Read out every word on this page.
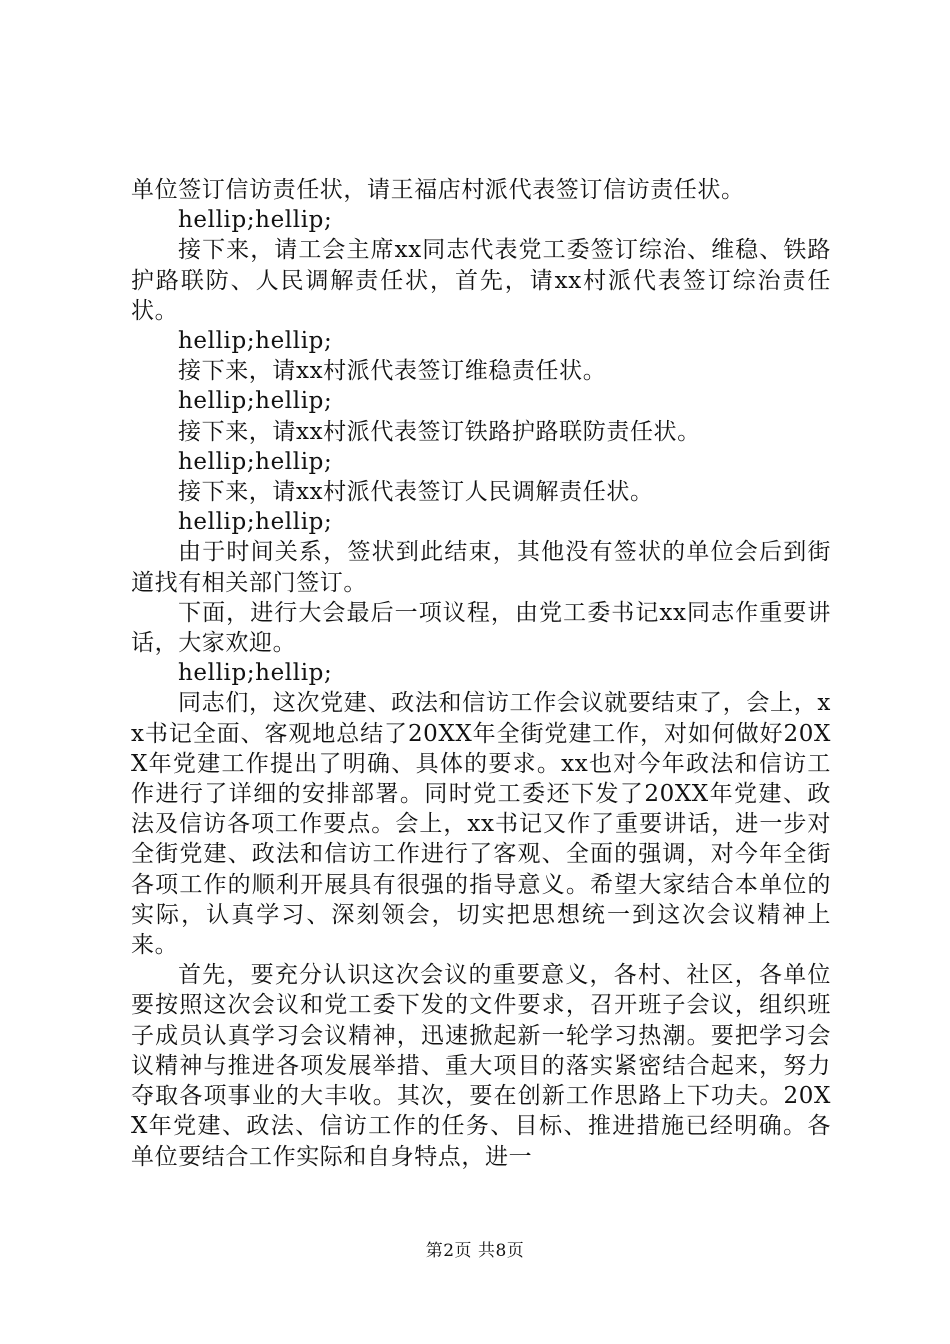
单位签订信访责任状，请王福店村派代表签订信访责任状。

hellip;hellip;

接下来，请工会主席xx同志代表党工委签订综治、维稳、铁路护路联防、人民调解责任状，首先，请xx村派代表签订综治责任状。

hellip;hellip;

接下来，请xx村派代表签订维稳责任状。

hellip;hellip;

接下来，请xx村派代表签订铁路护路联防责任状。

hellip;hellip;

接下来，请xx村派代表签订人民调解责任状。

hellip;hellip;

由于时间关系，签状到此结束，其他没有签状的单位会后到街道找有相关部门签订。

下面，进行大会最后一项议程，由党工委书记xx同志作重要讲话，大家欢迎。

hellip;hellip;

同志们，这次党建、政法和信访工作会议就要结束了，会上，xx书记全面、客观地总结了20XX年全街党建工作，对如何做好20XX年党建工作提出了明确、具体的要求。xx也对今年政法和信访工作进行了详细的安排部署。同时党工委还下发了20XX年党建、政法及信访各项工作要点。会上，xx书记又作了重要讲话，进一步对全街党建、政法和信访工作进行了客观、全面的强调，对今年全街各项工作的顺利开展具有很强的指导意义。希望大家结合本单位的实际，认真学习、深刻领会，切实把思想统一到这次会议精神上来。

首先，要充分认识这次会议的重要意义，各村、社区，各单位要按照这次会议和党工委下发的文件要求，召开班子会议，组织班子成员认真学习会议精神，迅速掀起新一轮学习热潮。要把学习会议精神与推进各项发展举措、重大项目的落实紧密结合起来，努力夺取各项事业的大丰收。其次，要在创新工作思路上下功夫。20XX年党建、政法、信访工作的任务、目标、推进措施已经明确。各单位要结合工作实际和自身特点，进一

第2页 共8页
